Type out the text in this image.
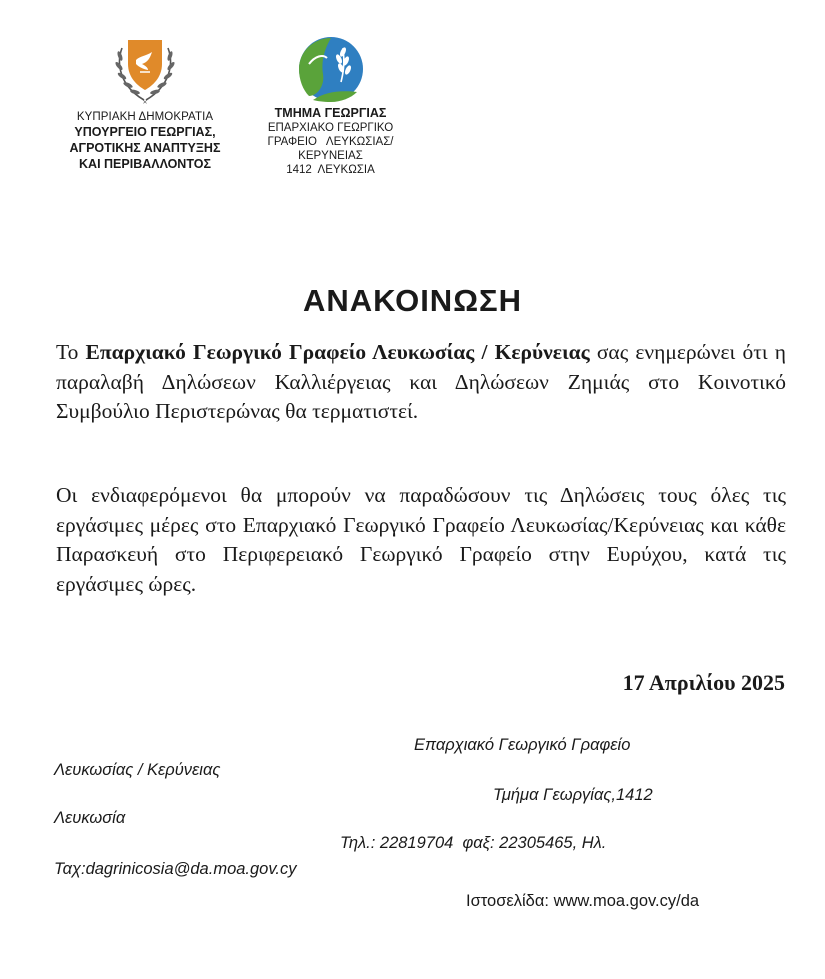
✕
ΚΥΠΡΙΑΚΗ ΔΗΜΟΚΡΑΤΙΑ
ΥΠΟΥΡΓΕΙΟ ΓΕΩΡΓΙΑΣ,
ΑΓΡΟΤΙΚΗΣ ΑΝΑΠΤΥΞΗΣ
ΚΑΙ ΠΕΡΙΒΑΛΛΟΝΤΟΣ
ΤΜΗΜΑ ΓΕΩΡΓΙΑΣ
ΕΠΑΡΧΙΑΚΟ ΓΕΩΡΓΙΚΟ
ΓΡΑΦΕΙΟ   ΛΕΥΚΩΣΙΑΣ/
ΚΕΡΥΝΕΙΑΣ
1412  ΛΕΥΚΩΣΙΑ
ΑΝΑΚΟΙΝΩΣΗ
Το Επαρχιακό Γεωργικό Γραφείο Λευκωσίας / Κερύνειας σας ενημερώνει ότι η παραλαβή Δηλώσεων Καλλιέργειας και Δηλώσεων Ζημιάς στο Κοινοτικό Συμβούλιο Περιστερώνας θα τερματιστεί.
Οι ενδιαφερόμενοι θα μπορούν να παραδώσουν τις Δηλώσεις τους όλες τις εργάσιμες μέρες στο Επαρχιακό Γεωργικό Γραφείο Λευκωσίας/Κερύνειας και κάθε Παρασκευή στο Περιφερειακό Γεωργικό Γραφείο στην Ευρύχου, κατά τις εργάσιμες ώρες.
17 Απριλίου 2025
Επαρχιακό Γεωργικό Γραφείο
Λευκωσίας / Κερύνειας
Τμήμα Γεωργίας,1412
Λευκωσία
Τηλ.: 22819704  φαξ: 22305465, Ηλ.
Ταχ:dagrinicosia@da.moa.gov.cy
Ιστοσελίδα: www.moa.gov.cy/da
